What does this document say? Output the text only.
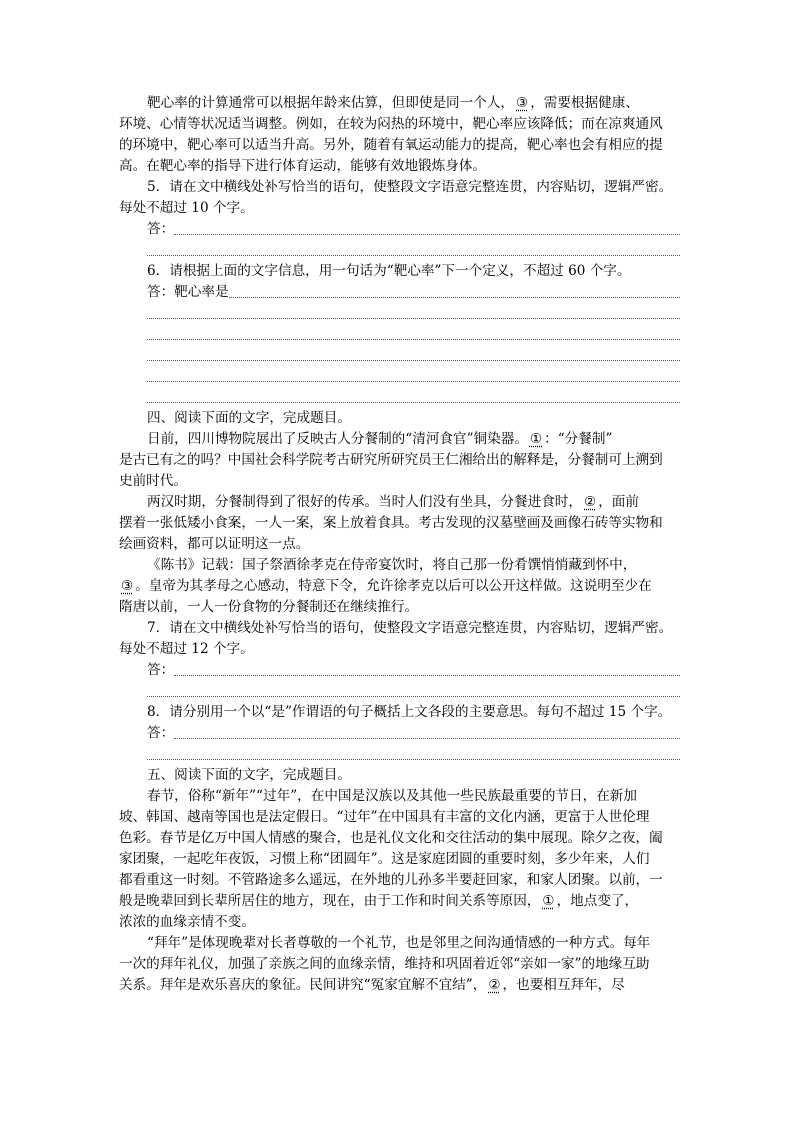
靶心率的计算通常可以根据年龄来估算，但即使是同一个人， ③ ，需要根据健康、
环境、心情等状况适当调整。例如，在较为闷热的环境中，靶心率应该降低；而在凉爽通风
的环境中，靶心率可以适当升高。另外，随着有氧运动能力的提高，靶心率也会有相应的提
高。在靶心率的指导下进行体育运动，能够有效地锻炼身体。
5．请在文中横线处补写恰当的语句，使整段文字语意完整连贯，内容贴切，逻辑严密。
每处不超过 10 个字。
答：
6．请根据上面的文字信息，用一句话为“靶心率”下一个定义，不超过 60 个字。
答：靶心率是
四、阅读下面的文字，完成题目。
日前，四川博物院展出了反映古人分餐制的“清河食官”铜染器。 ① ：“分餐制”
是古已有之的吗？中国社会科学院考古研究所研究员王仁湘给出的解释是，分餐制可上溯到
史前时代。
两汉时期，分餐制得到了很好的传承。当时人们没有坐具，分餐进食时， ② ，面前
摆着一张低矮小食案，一人一案，案上放着食具。考古发现的汉墓壁画及画像石砖等实物和
绘画资料，都可以证明这一点。
《陈书》记载：国子祭酒徐孝克在侍帝宴饮时，将自己那一份肴馔悄悄藏到怀中，
③ 。皇帝为其孝母之心感动，特意下令，允许徐孝克以后可以公开这样做。这说明至少在
隋唐以前，一人一份食物的分餐制还在继续推行。
7．请在文中横线处补写恰当的语句，使整段文字语意完整连贯，内容贴切，逻辑严密。
每处不超过 12 个字。
答：
8．请分别用一个以“是”作谓语的句子概括上文各段的主要意思。每句不超过 15 个字。
答：
五、阅读下面的文字，完成题目。
春节，俗称“新年”“过年”，在中国是汉族以及其他一些民族最重要的节日，在新加
坡、韩国、越南等国也是法定假日。“过年”在中国具有丰富的文化内涵，更富于人世伦理
色彩。春节是亿万中国人情感的聚合，也是礼仪文化和交往活动的集中展现。除夕之夜，阖
家团聚，一起吃年夜饭，习惯上称“团圆年”。这是家庭团圆的重要时刻，多少年来，人们
都看重这一时刻。不管路途多么遥远，在外地的儿孙多半要赶回家，和家人团聚。以前，一
般是晚辈回到长辈所居住的地方，现在，由于工作和时间关系等原因， ① ，地点变了，
浓浓的血缘亲情不变。
“拜年”是体现晚辈对长者尊敬的一个礼节，也是邻里之间沟通情感的一种方式。每年
一次的拜年礼仪，加强了亲族之间的血缘亲情，维持和巩固着近邻“亲如一家”的地缘互助
关系。拜年是欢乐喜庆的象征。民间讲究“冤家宜解不宜结”， ② ，也要相互拜年，尽
